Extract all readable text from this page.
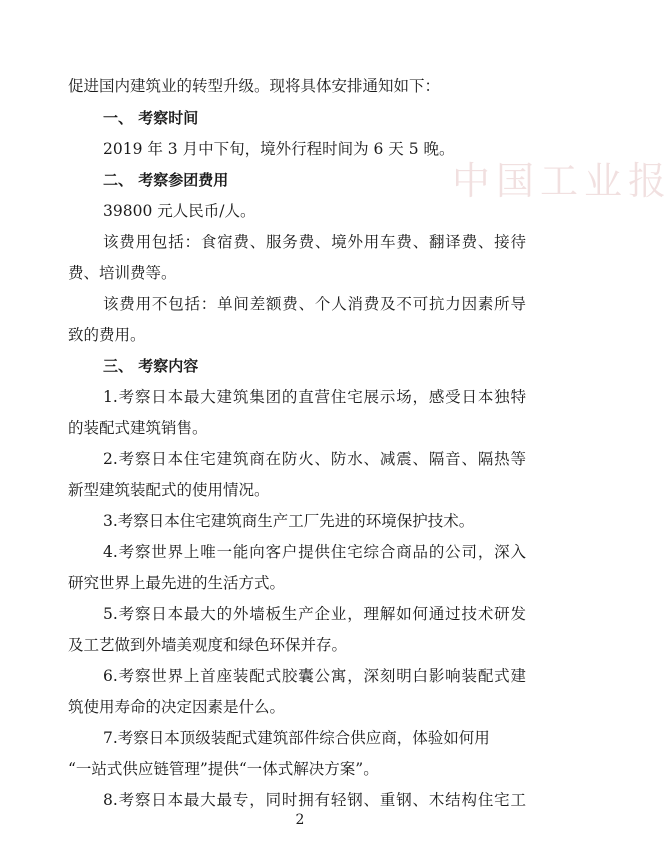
中国工业报
促进国内建筑业的转型升级。现将具体安排通知如下：
一、 考察时间
2019 年 3 月中下旬，境外行程时间为 6 天 5 晚。
二、 考察参团费用
39800 元人民币/人。
该费用包括：食宿费、服务费、境外用车费、翻译费、接待
费、培训费等。
该费用不包括：单间差额费、个人消费及不可抗力因素所导
致的费用。
三、 考察内容
1.考察日本最大建筑集团的直营住宅展示场，感受日本独特
的装配式建筑销售。
2.考察日本住宅建筑商在防火、防水、减震、隔音、隔热等
新型建筑装配式的使用情况。
3.考察日本住宅建筑商生产工厂先进的环境保护技术。
4.考察世界上唯一能向客户提供住宅综合商品的公司，深入
研究世界上最先进的生活方式。
5.考察日本最大的外墙板生产企业，理解如何通过技术研发
及工艺做到外墙美观度和绿色环保并存。
6.考察世界上首座装配式胶囊公寓，深刻明白影响装配式建
筑使用寿命的决定因素是什么。
7.考察日本顶级装配式建筑部件综合供应商，体验如何用
“一站式供应链管理”提供“一体式解决方案”。
8.考察日本最大最专，同时拥有轻钢、重钢、木结构住宅工
2
